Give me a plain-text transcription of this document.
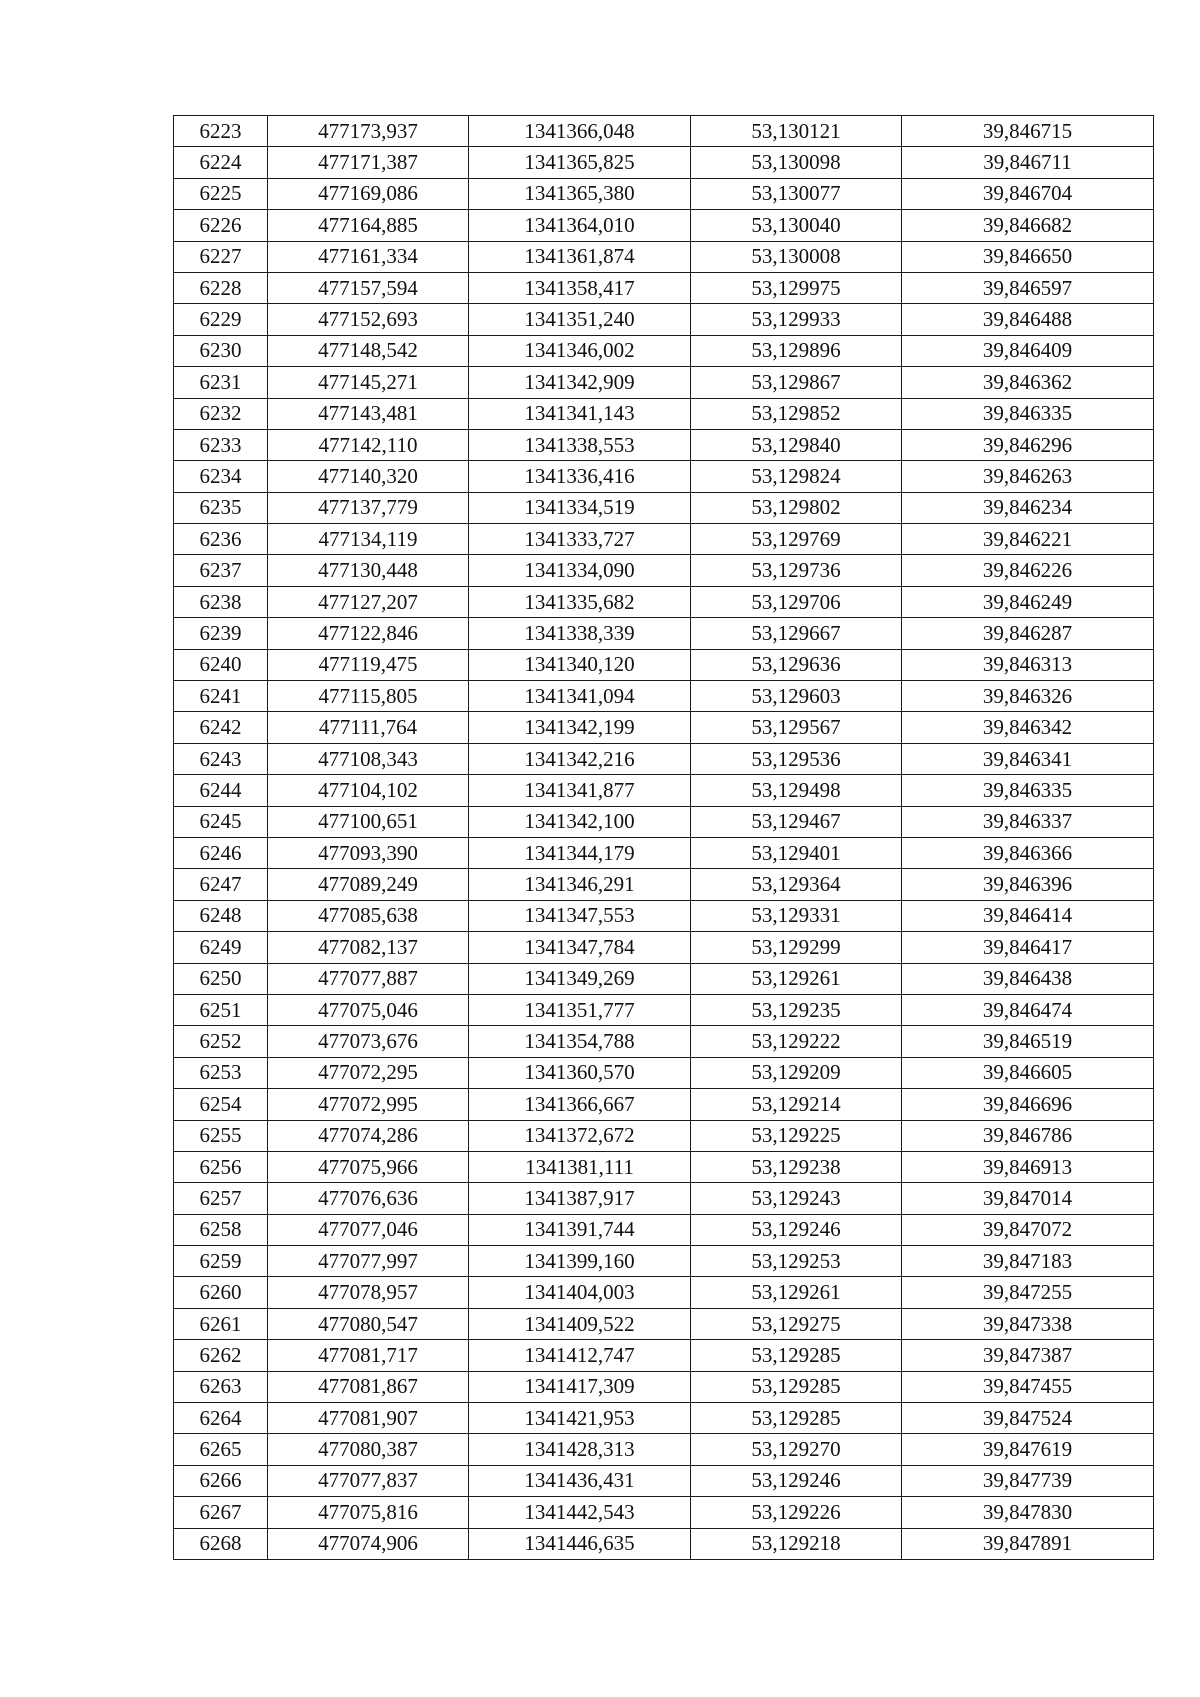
6223	477173,937	1341366,048	53,130121	39,846715
6224	477171,387	1341365,825	53,130098	39,846711
6225	477169,086	1341365,380	53,130077	39,846704
6226	477164,885	1341364,010	53,130040	39,846682
6227	477161,334	1341361,874	53,130008	39,846650
6228	477157,594	1341358,417	53,129975	39,846597
6229	477152,693	1341351,240	53,129933	39,846488
6230	477148,542	1341346,002	53,129896	39,846409
6231	477145,271	1341342,909	53,129867	39,846362
6232	477143,481	1341341,143	53,129852	39,846335
6233	477142,110	1341338,553	53,129840	39,846296
6234	477140,320	1341336,416	53,129824	39,846263
6235	477137,779	1341334,519	53,129802	39,846234
6236	477134,119	1341333,727	53,129769	39,846221
6237	477130,448	1341334,090	53,129736	39,846226
6238	477127,207	1341335,682	53,129706	39,846249
6239	477122,846	1341338,339	53,129667	39,846287
6240	477119,475	1341340,120	53,129636	39,846313
6241	477115,805	1341341,094	53,129603	39,846326
6242	477111,764	1341342,199	53,129567	39,846342
6243	477108,343	1341342,216	53,129536	39,846341
6244	477104,102	1341341,877	53,129498	39,846335
6245	477100,651	1341342,100	53,129467	39,846337
6246	477093,390	1341344,179	53,129401	39,846366
6247	477089,249	1341346,291	53,129364	39,846396
6248	477085,638	1341347,553	53,129331	39,846414
6249	477082,137	1341347,784	53,129299	39,846417
6250	477077,887	1341349,269	53,129261	39,846438
6251	477075,046	1341351,777	53,129235	39,846474
6252	477073,676	1341354,788	53,129222	39,846519
6253	477072,295	1341360,570	53,129209	39,846605
6254	477072,995	1341366,667	53,129214	39,846696
6255	477074,286	1341372,672	53,129225	39,846786
6256	477075,966	1341381,111	53,129238	39,846913
6257	477076,636	1341387,917	53,129243	39,847014
6258	477077,046	1341391,744	53,129246	39,847072
6259	477077,997	1341399,160	53,129253	39,847183
6260	477078,957	1341404,003	53,129261	39,847255
6261	477080,547	1341409,522	53,129275	39,847338
6262	477081,717	1341412,747	53,129285	39,847387
6263	477081,867	1341417,309	53,129285	39,847455
6264	477081,907	1341421,953	53,129285	39,847524
6265	477080,387	1341428,313	53,129270	39,847619
6266	477077,837	1341436,431	53,129246	39,847739
6267	477075,816	1341442,543	53,129226	39,847830
6268	477074,906	1341446,635	53,129218	39,847891
